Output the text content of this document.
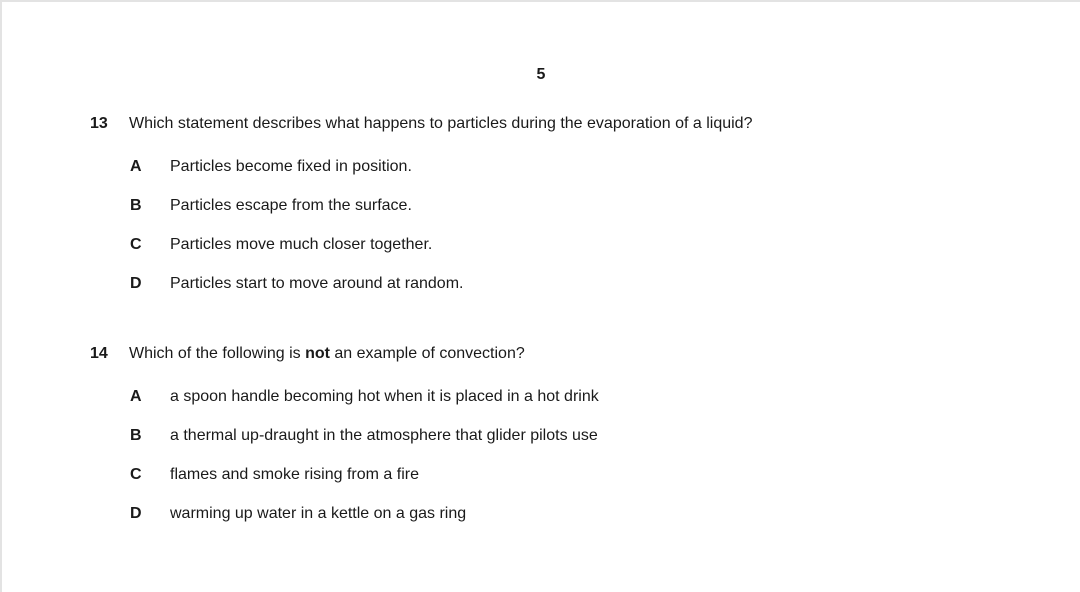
5
13	Which statement describes what happens to particles during the evaporation of a liquid?
A	Particles become fixed in position.
B	Particles escape from the surface.
C	Particles move much closer together.
D	Particles start to move around at random.
14	Which of the following is not an example of convection?
A	a spoon handle becoming hot when it is placed in a hot drink
B	a thermal up-draught in the atmosphere that glider pilots use
C	flames and smoke rising from a fire
D	warming up water in a kettle on a gas ring
